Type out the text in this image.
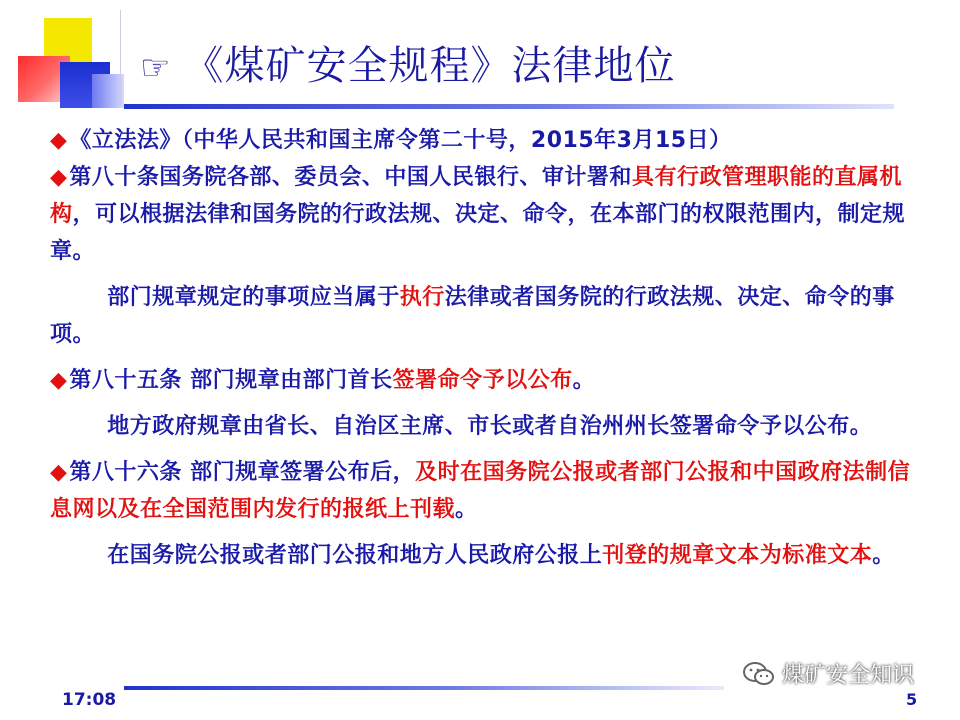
☞ 《煤矿安全规程》法律地位

◆《立法法》（中华人民共和国主席令第二十号，2015年3月15日）

◆第八十条国务院各部、委员会、中国人民银行、审计署和具有行政管理职能的直属机构，可以根据法律和国务院的行政法规、决定、命令，在本部门的权限范围内，制定规章。

部门规章规定的事项应当属于执行法律或者国务院的行政法规、决定、命令的事项。

◆第八十五条 部门规章由部门首长签署命令予以公布。

地方政府规章由省长、自治区主席、市长或者自治州州长签署命令予以公布。

◆第八十六条 部门规章签署公布后，及时在国务院公报或者部门公报和中国政府法制信息网以及在全国范围内发行的报纸上刊载。

在国务院公报或者部门公报和地方人民政府公报上刊登的规章文本为标准文本。

17:08	5
煤矿安全知识
